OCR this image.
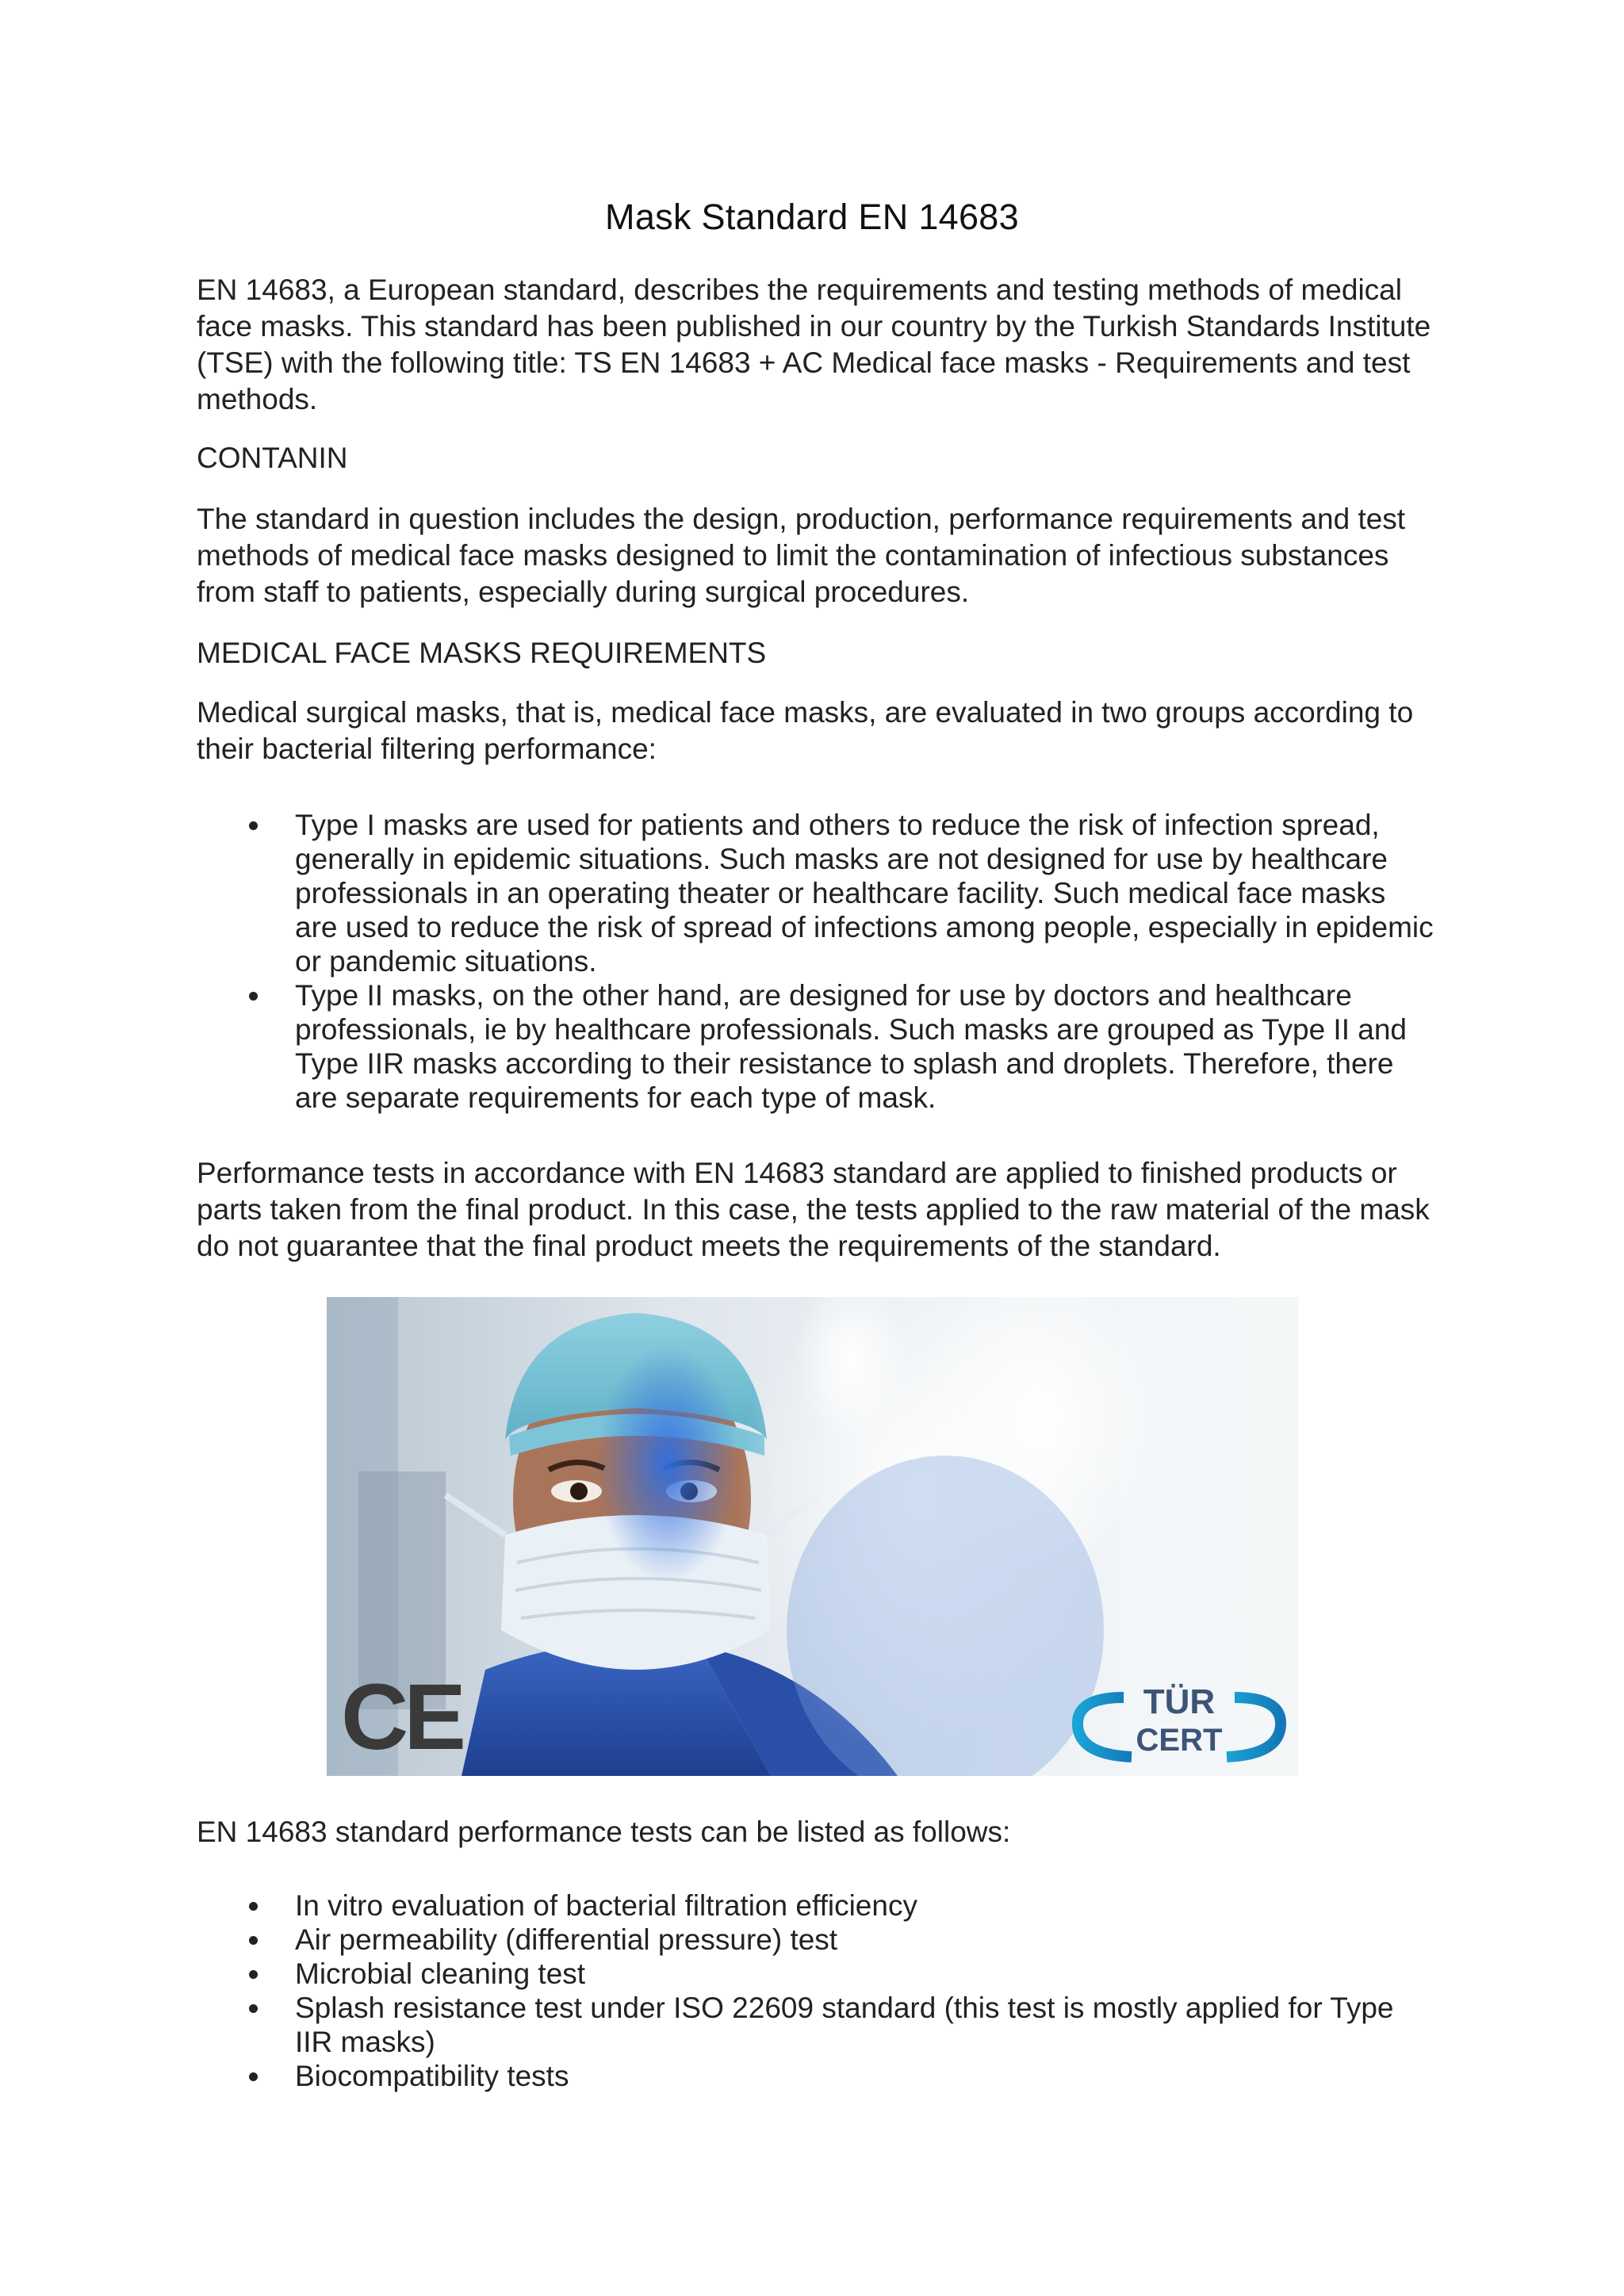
Mask Standard EN 14683

EN 14683, a European standard, describes the requirements and testing methods of medical face masks. This standard has been published in our country by the Turkish Standards Institute (TSE) with the following title: TS EN 14683 + AC Medical face masks - Requirements and test methods.

CONTANIN

The standard in question includes the design, production, performance requirements and test methods of medical face masks designed to limit the contamination of infectious substances from staff to patients, especially during surgical procedures.

MEDICAL FACE MASKS REQUIREMENTS

Medical surgical masks, that is, medical face masks, are evaluated in two groups according to their bacterial filtering performance:

Type I masks are used for patients and others to reduce the risk of infection spread, generally in epidemic situations. Such masks are not designed for use by healthcare professionals in an operating theater or healthcare facility. Such medical face masks are used to reduce the risk of spread of infections among people, especially in epidemic or pandemic situations.
Type II masks, on the other hand, are designed for use by doctors and healthcare professionals, ie by healthcare professionals. Such masks are grouped as Type II and Type IIR masks according to their resistance to splash and droplets. Therefore, there are separate requirements for each type of mask.

Performance tests in accordance with EN 14683 standard are applied to finished products or parts taken from the final product. In this case, the tests applied to the raw material of the mask do not guarantee that the final product meets the requirements of the standard.

CE	TÜR
CERT

EN 14683 standard performance tests can be listed as follows:

In vitro evaluation of bacterial filtration efficiency
Air permeability (differential pressure) test
Microbial cleaning test
Splash resistance test under ISO 22609 standard (this test is mostly applied for Type IIR masks)
Biocompatibility tests
